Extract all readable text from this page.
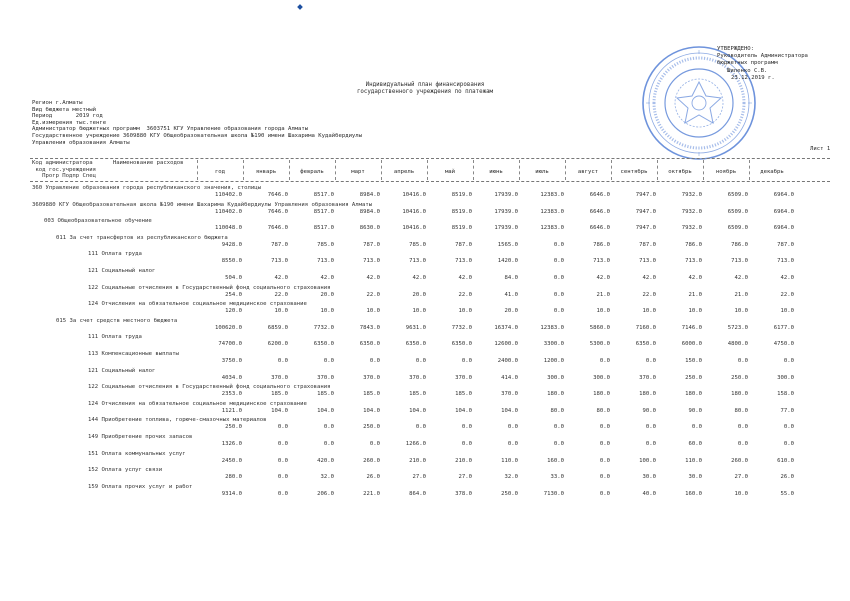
УТВЕРЖДЕНО:
Руководитель Администратора
бюджетных программ
Шиленко С.В.
23.12.2019 г.
Индивидуальный план финансирования
государственного учреждения по платежам
Регион г.Алматы
Вид бюджета местный
Период       2019 год
Ед.измерения тыс.тенге
Администратор бюджетных программ  3603751 КГУ Управление образования города Алматы
Государственное учреждение 3609880 КГУ Общеобразовательная школа №190 имени Шахарима Кудайбердиулы
Управления образования Алматы
Лист 1
Код администратора      Наименование расходов
код гос.учреждения
Прогр Подпр Спец
год	январь	февраль	март	апрель	май	июнь	июль	август	сентябрь	октябрь	ноябрь	декабрь
360 Управление образования города республиканского значения, столицы
110402.0	7646.0	8517.0	8984.0	10416.0	8519.0	17939.0	12383.0	6646.0	7947.0	7932.0	6509.0	6964.0
3609880 КГУ Общеобразовательная школа №190 имени Шахарима Кудайбердиулы Управления образования Алматы
110402.0	7646.0	8517.0	8984.0	10416.0	8519.0	17939.0	12383.0	6646.0	7947.0	7932.0	6509.0	6964.0
003 Общеобразовательное обучение
110048.0	7646.0	8517.0	8630.0	10416.0	8519.0	17939.0	12383.0	6646.0	7947.0	7932.0	6509.0	6964.0
011 За счет трансфертов из республиканского бюджета
9428.0	787.0	785.0	787.0	785.0	787.0	1565.0	0.0	786.0	787.0	786.0	786.0	787.0
111 Оплата труда
8550.0	713.0	713.0	713.0	713.0	713.0	1420.0	0.0	713.0	713.0	713.0	713.0	713.0
121 Социальный налог
504.0	42.0	42.0	42.0	42.0	42.0	84.0	0.0	42.0	42.0	42.0	42.0	42.0
122 Социальные отчисления в Государственный фонд социального страхования
254.0	22.0	20.0	22.0	20.0	22.0	41.0	0.0	21.0	22.0	21.0	21.0	22.0
124 Отчисления на обязательное социальное медицинское страхование
120.0	10.0	10.0	10.0	10.0	10.0	20.0	0.0	10.0	10.0	10.0	10.0	10.0
015 За счет средств местного бюджета
100620.0	6859.0	7732.0	7843.0	9631.0	7732.0	16374.0	12383.0	5860.0	7160.0	7146.0	5723.0	6177.0
111 Оплата труда
74700.0	6200.0	6350.0	6350.0	6350.0	6350.0	12600.0	3300.0	5300.0	6350.0	6000.0	4800.0	4750.0
113 Компенсационные выплаты
3750.0	0.0	0.0	0.0	0.0	0.0	2400.0	1200.0	0.0	0.0	150.0	0.0	0.0
121 Социальный налог
4034.0	370.0	370.0	370.0	370.0	370.0	414.0	300.0	300.0	370.0	250.0	250.0	300.0
122 Социальные отчисления в Государственный фонд социального страхования
2353.0	185.0	185.0	185.0	185.0	185.0	370.0	180.0	180.0	180.0	180.0	180.0	158.0
124 Отчисления на обязательное социальное медицинское страхование
1121.0	104.0	104.0	104.0	104.0	104.0	104.0	80.0	80.0	90.0	90.0	80.0	77.0
144 Приобретение топлива, горюче-смазочных материалов
250.0	0.0	0.0	250.0	0.0	0.0	0.0	0.0	0.0	0.0	0.0	0.0	0.0
149 Приобретение прочих запасов
1326.0	0.0	0.0	0.0	1266.0	0.0	0.0	0.0	0.0	0.0	60.0	0.0	0.0
151 Оплата коммунальных услуг
2450.0	0.0	420.0	260.0	210.0	210.0	110.0	160.0	0.0	100.0	110.0	260.0	610.0
152 Оплата услуг связи
280.0	0.0	32.0	26.0	27.0	27.0	32.0	33.0	0.0	30.0	30.0	27.0	26.0
159 Оплата прочих услуг и работ
9314.0	0.0	206.0	221.0	864.0	378.0	250.0	7130.0	0.0	40.0	160.0	10.0	55.0
